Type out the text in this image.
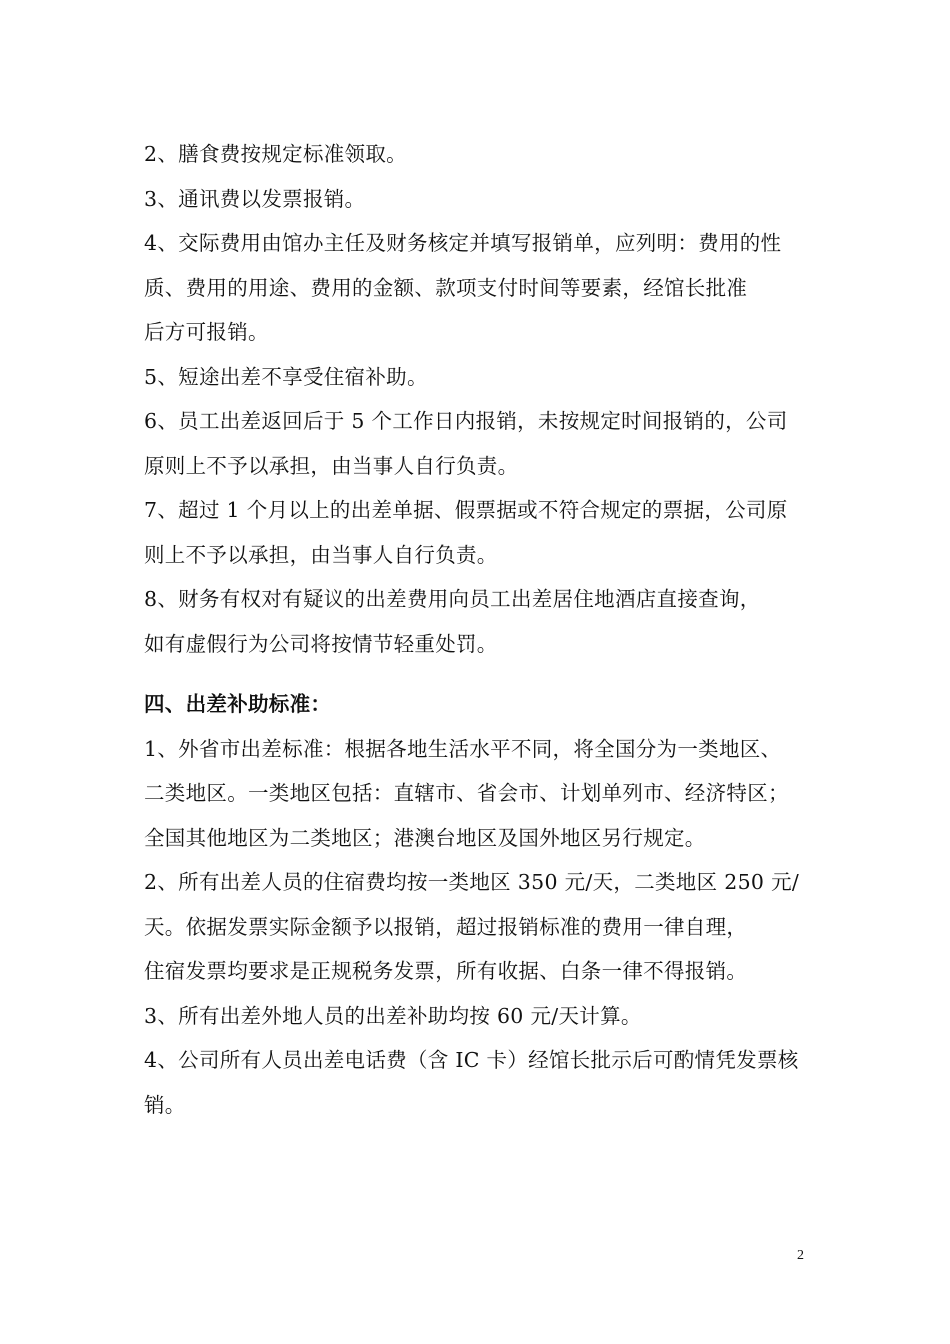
2、膳食费按规定标准领取。

3、通讯费以发票报销。

4、交际费用由馆办主任及财务核定并填写报销单，应列明：费用的性
质、费用的用途、费用的金额、款项支付时间等要素，经馆长批准
后方可报销。

5、短途出差不享受住宿补助。

6、员工出差返回后于 5 个工作日内报销，未按规定时间报销的，公司
原则上不予以承担，由当事人自行负责。

7、超过 1 个月以上的出差单据、假票据或不符合规定的票据，公司原
则上不予以承担，由当事人自行负责。

8、财务有权对有疑议的出差费用向员工出差居住地酒店直接查询，
如有虚假行为公司将按情节轻重处罚。

四、出差补助标准：

1、外省市出差标准：根据各地生活水平不同，将全国分为一类地区、
二类地区。一类地区包括：直辖市、省会市、计划单列市、经济特区；
全国其他地区为二类地区；港澳台地区及国外地区另行规定。

2、所有出差人员的住宿费均按一类地区 350 元/天，二类地区 250 元/
天。依据发票实际金额予以报销，超过报销标准的费用一律自理，
住宿发票均要求是正规税务发票，所有收据、白条一律不得报销。

3、所有出差外地人员的出差补助均按 60 元/天计算。

4、公司所有人员出差电话费（含 IC 卡）经馆长批示后可酌情凭发票核
销。

2
